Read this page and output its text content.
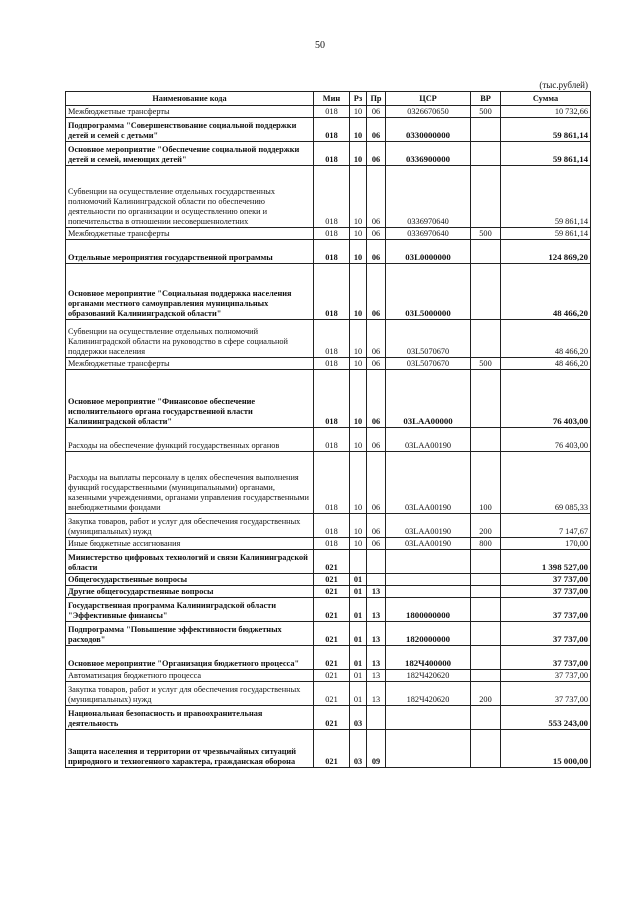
50
(тыс.рублей)
Наименование кода	Мин	Рз	Пр	ЦСР	ВР	Сумма
Межбюджетные трансферты	018	10	06	0326670650	500	10 732,66
Подпрограмма "Совершенствование социальной поддержки детей и семей с детьми"	018	10	06	0330000000		59 861,14
Основное мероприятие "Обеспечение социальной поддержки детей и семей, имеющих детей"	018	10	06	0336900000		59 861,14
Субвенции на осуществление отдельных государственных полномочий Калининградской области по обеспечению деятельности по организации и осуществлению опеки и попечительства в отношении несовершеннолетних	018	10	06	0336970640		59 861,14
Межбюджетные трансферты	018	10	06	0336970640	500	59 861,14
Отдельные мероприятия государственной программы	018	10	06	03L0000000		124 869,20
Основное мероприятие "Социальная поддержка населения органами местного самоуправления муниципальных образований Калининградской области"	018	10	06	03L5000000		48 466,20
Субвенции на осуществление отдельных полномочий Калининградской области на руководство в сфере социальной поддержки населения	018	10	06	03L5070670		48 466,20
Межбюджетные трансферты	018	10	06	03L5070670	500	48 466,20
Основное мероприятие "Финансовое обеспечение исполнительного органа государственной власти Калининградской области"	018	10	06	03LAA00000		76 403,00
Расходы на обеспечение функций государственных органов	018	10	06	03LAA00190		76 403,00
Расходы на выплаты персоналу в целях обеспечения выполнения функций государственными (муниципальными) органами, казенными учреждениями, органами управления государственными внебюджетными фондами	018	10	06	03LAA00190	100	69 085,33
Закупка товаров, работ и услуг для обеспечения государственных (муниципальных) нужд	018	10	06	03LAA00190	200	7 147,67
Иные бюджетные ассигнования	018	10	06	03LAA00190	800	170,00
Министерство цифровых технологий и связи Калининградской области	021					1 398 527,00
Общегосударственные вопросы	021	01				37 737,00
Другие общегосударственные вопросы	021	01	13			37 737,00
Государственная программа Калининградской области "Эффективные финансы"	021	01	13	1800000000		37 737,00
Подпрограмма "Повышение эффективности бюджетных расходов"	021	01	13	1820000000		37 737,00
Основное мероприятие "Организация бюджетного процесса"	021	01	13	182Ч400000		37 737,00
Автоматизация бюджетного процесса	021	01	13	182Ч420620		37 737,00
Закупка товаров, работ и услуг для обеспечения государственных (муниципальных) нужд	021	01	13	182Ч420620	200	37 737,00
Национальная безопасность и правоохранительная деятельность	021	03				553 243,00
Защита населения и территории от чрезвычайных ситуаций природного и техногенного характера, гражданская оборона	021	03	09			15 000,00
